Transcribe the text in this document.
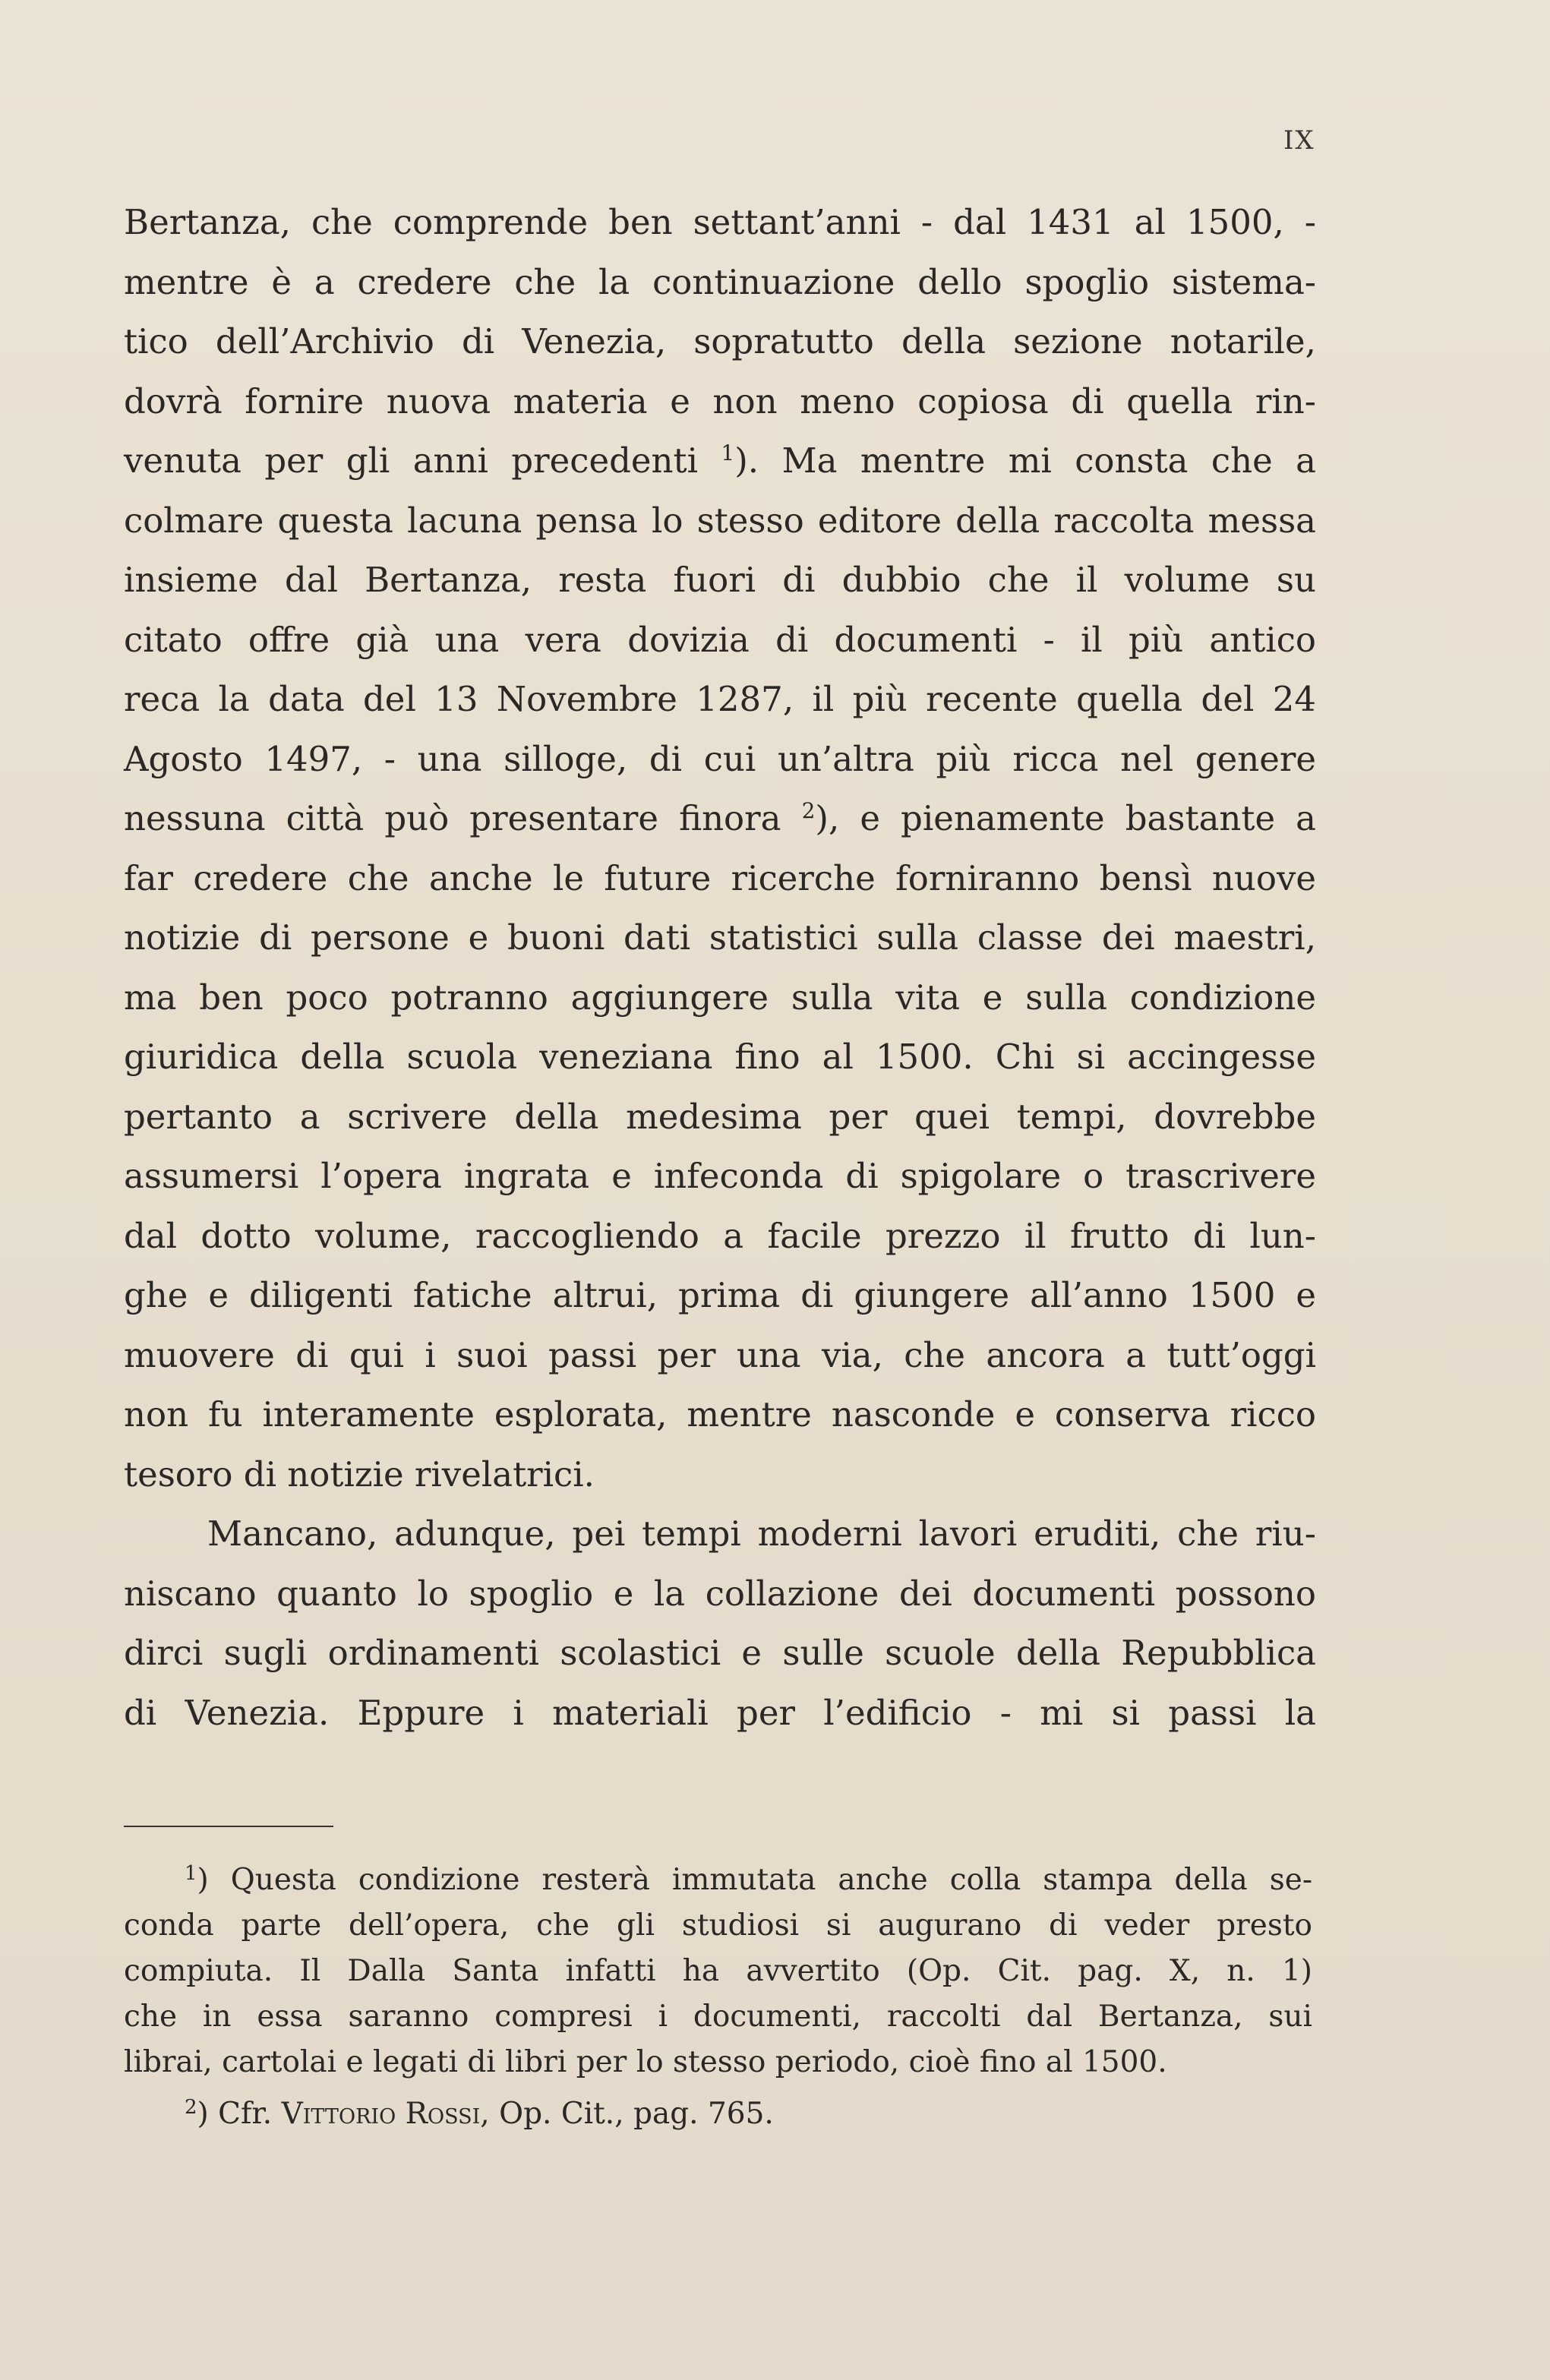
IX
Bertanza, che comprende ben settant’anni - dal 1431 al 1500, -
mentre è a credere che la continuazione dello spoglio sistema-
tico dell’Archivio di Venezia, sopratutto della sezione notarile,
dovrà fornire nuova materia e non meno copiosa di quella rin-
venuta per gli anni precedenti $^1$). Ma mentre mi consta che a
colmare questa lacuna pensa lo stesso editore della raccolta messa
insieme dal Bertanza, resta fuori di dubbio che il volume su
citato offre già una vera dovizia di documenti - il più antico
reca la data del 13 Novembre 1287, il più recente quella del 24
Agosto 1497, - una silloge, di cui un’altra più ricca nel genere
nessuna città può presentare finora $^2$), e pienamente bastante a
far credere che anche le future ricerche forniranno bensì nuove
notizie di persone e buoni dati statistici sulla classe dei maestri,
ma ben poco potranno aggiungere sulla vita e sulla condizione
giuridica della scuola veneziana fino al 1500. Chi si accingesse
pertanto a scrivere della medesima per quei tempi, dovrebbe
assumersi l’opera ingrata e infeconda di spigolare o trascrivere
dal dotto volume, raccogliendo a facile prezzo il frutto di lun-
ghe e diligenti fatiche altrui, prima di giungere all’anno 1500 e
muovere di qui i suoi passi per una via, che ancora a tutt’oggi
non fu interamente esplorata, mentre nasconde e conserva ricco
tesoro di notizie rivelatrici.
Mancano, adunque, pei tempi moderni lavori eruditi, che riu-
niscano quanto lo spoglio e la collazione dei documenti possono
dirci sugli ordinamenti scolastici e sulle scuole della Repubblica
di Venezia. Eppure i materiali per l’edificio - mi si passi la
$^1$) Questa condizione resterà immutata anche colla stampa della se-
conda parte dell’opera, che gli studiosi si augurano di veder presto
compiuta. Il Dalla Santa infatti ha avvertito (Op. Cit. pag. X, n. 1)
che in essa saranno compresi i documenti, raccolti dal Bertanza, sui
librai, cartolai e legati di libri per lo stesso periodo, cioè fino al 1500.
$^2$) Cfr. Vittorio Rossi, Op. Cit., pag. 765.
